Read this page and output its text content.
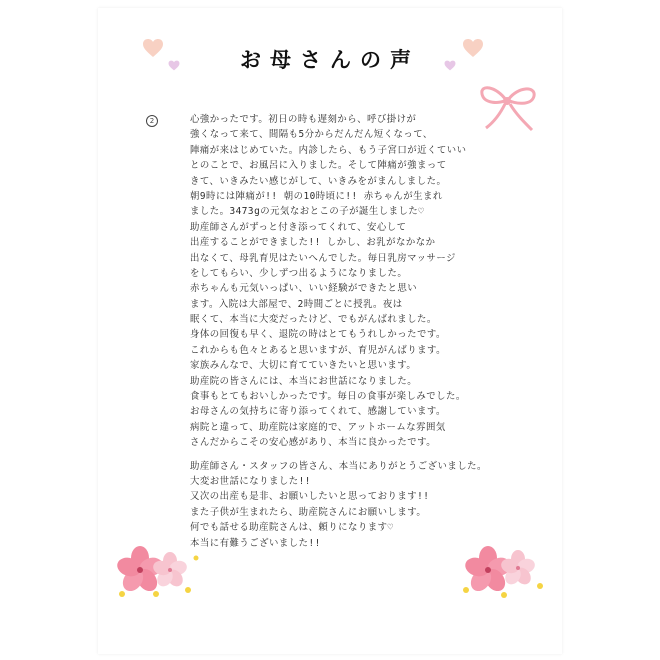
お母さんの声
2	心強かったです。初日の時も遅刻から、呼び掛けが
強くなって来て、間隔も5分からだんだん短くなって、
陣痛が来はじめていた。内診したら、もう子宮口が近くていい
とのことで、お風呂に入りました。そして陣痛が強まって
きて、いきみたい感じがして、いきみをがまんしました。
朝9時には陣痛が!! 朝の10時頃に!! 赤ちゃんが生まれ
ました。3473gの元気なおとこの子が誕生しました♡
助産師さんがずっと付き添ってくれて、安心して
出産することができました!! しかし、お乳がなかなか
出なくて、母乳育児はたいへんでした。毎日乳房マッサージ
をしてもらい、少しずつ出るようになりました。
赤ちゃんも元気いっぱい、いい経験ができたと思い
ます。入院は大部屋で、2時間ごとに授乳。夜は
眠くて、本当に大変だったけど、でもがんばれました。
身体の回復も早く、退院の時はとてもうれしかったです。
これからも色々とあると思いますが、育児がんばります。
家族みんなで、大切に育てていきたいと思います。
助産院の皆さんには、本当にお世話になりました。
食事もとてもおいしかったです。毎日の食事が楽しみでした。
お母さんの気持ちに寄り添ってくれて、感謝しています。
病院と違って、助産院は家庭的で、アットホームな雰囲気
さんだからこその安心感があり、本当に良かったです。
助産師さん・スタッフの皆さん、本当にありがとうございました。
大変お世話になりました!!
又次の出産も是非、お願いしたいと思っております!!
また子供が生まれたら、助産院さんにお願いします。
何でも話せる助産院さんは、頼りになります♡
本当に有難うございました!!
